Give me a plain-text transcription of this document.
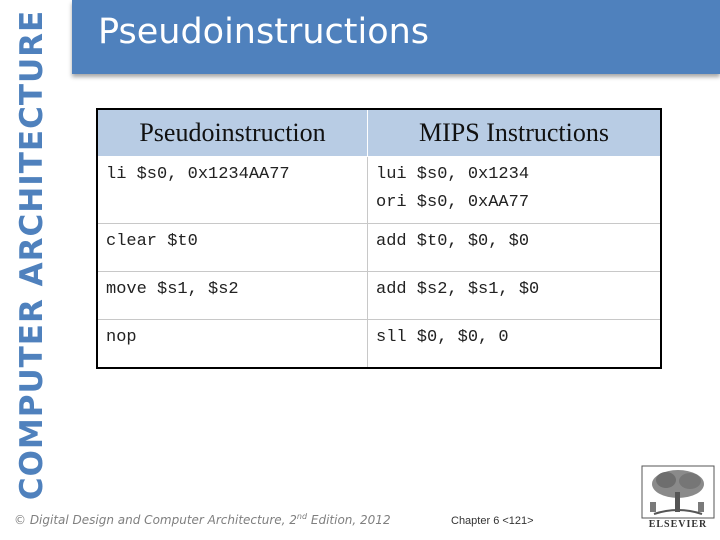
COMPUTER ARCHITECTURE Pseudoinstructions
Pseudoinstruction	MIPS Instructions
li $s0, 0x1234AA77	lui $s0, 0x1234
ori $s0, 0xAA77

clear $t0	add $t0, $0, $0

move $s1, $s2	add $s2, $s1, $0

nop	sll $0, $0, 0
© Digital Design and Computer Architecture, 2nd Edition, 2012	Chapter 6 <121>	ELSEVIER
